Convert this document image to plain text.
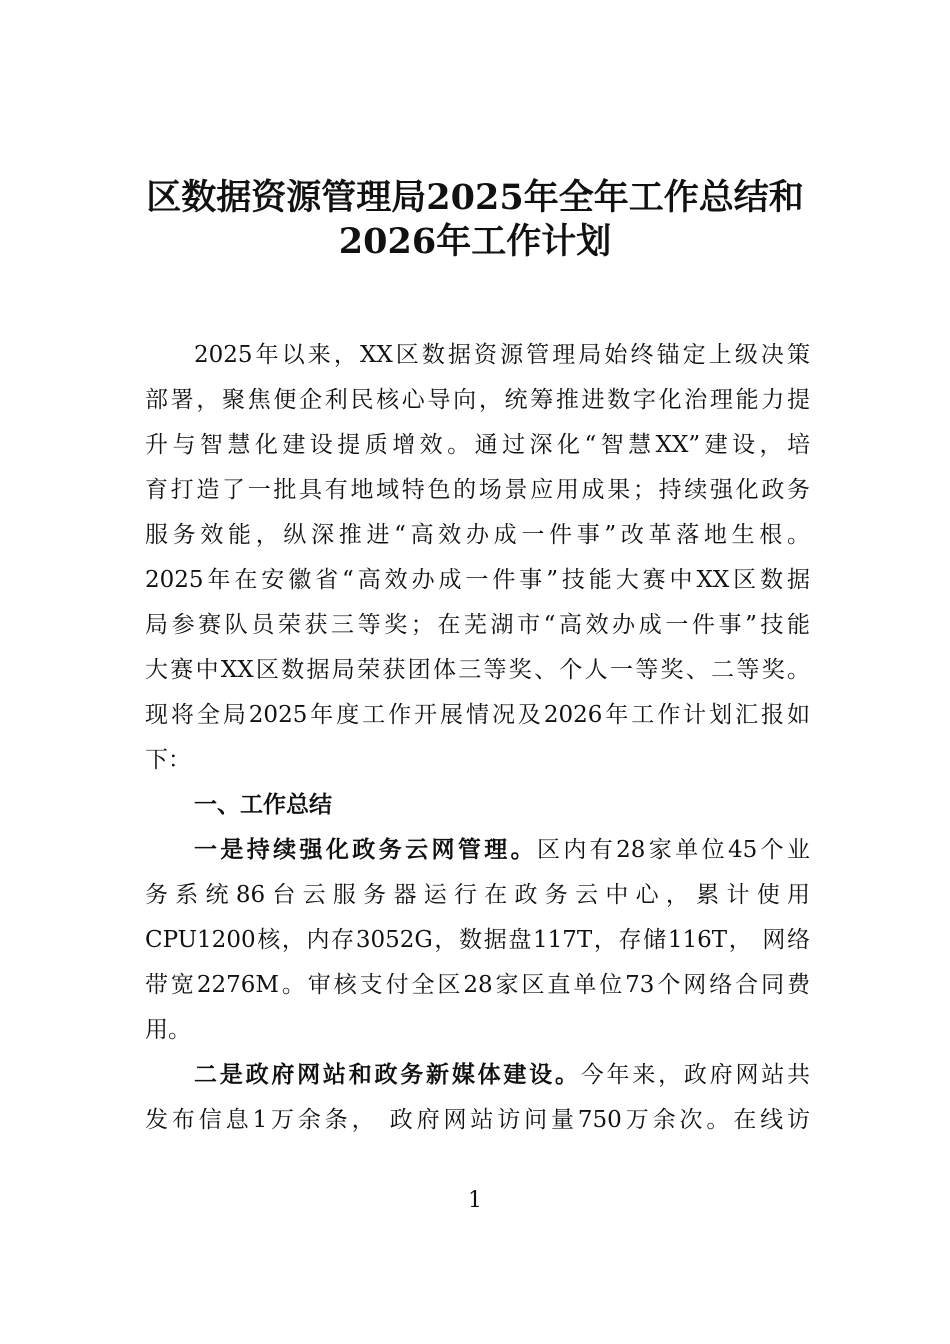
区数据资源管理局2025年全年工作总结和
2026年工作计划
2025年以来，XX区数据资源管理局始终锚定上级决策
部署，聚焦便企利民核心导向，统筹推进数字化治理能力提
升与智慧化建设提质增效。通过深化“智慧XX”建设，培
育打造了一批具有地域特色的场景应用成果；持续强化政务
服务效能，纵深推进“高效办成一件事”改革落地生根。
2025年在安徽省“高效办成一件事”技能大赛中XX区数据
局参赛队员荣获三等奖；在芜湖市“高效办成一件事”技能
大赛中XX区数据局荣获团体三等奖、个人一等奖、二等奖。
现将全局2025年度工作开展情况及2026年工作计划汇报如
下：
一、工作总结
一是持续强化政务云网管理。区内有28家单位45个业
务系统86台云服务器运行在政务云中心，累计使用
CPU1200核，内存3052G，数据盘117T，存储116T， 网络
带宽2276M。审核支付全区28家区直单位73个网络合同费
用。
二是政府网站和政务新媒体建设。今年来，政府网站共
发布信息1万余条， 政府网站访问量750万余次。在线访
1
